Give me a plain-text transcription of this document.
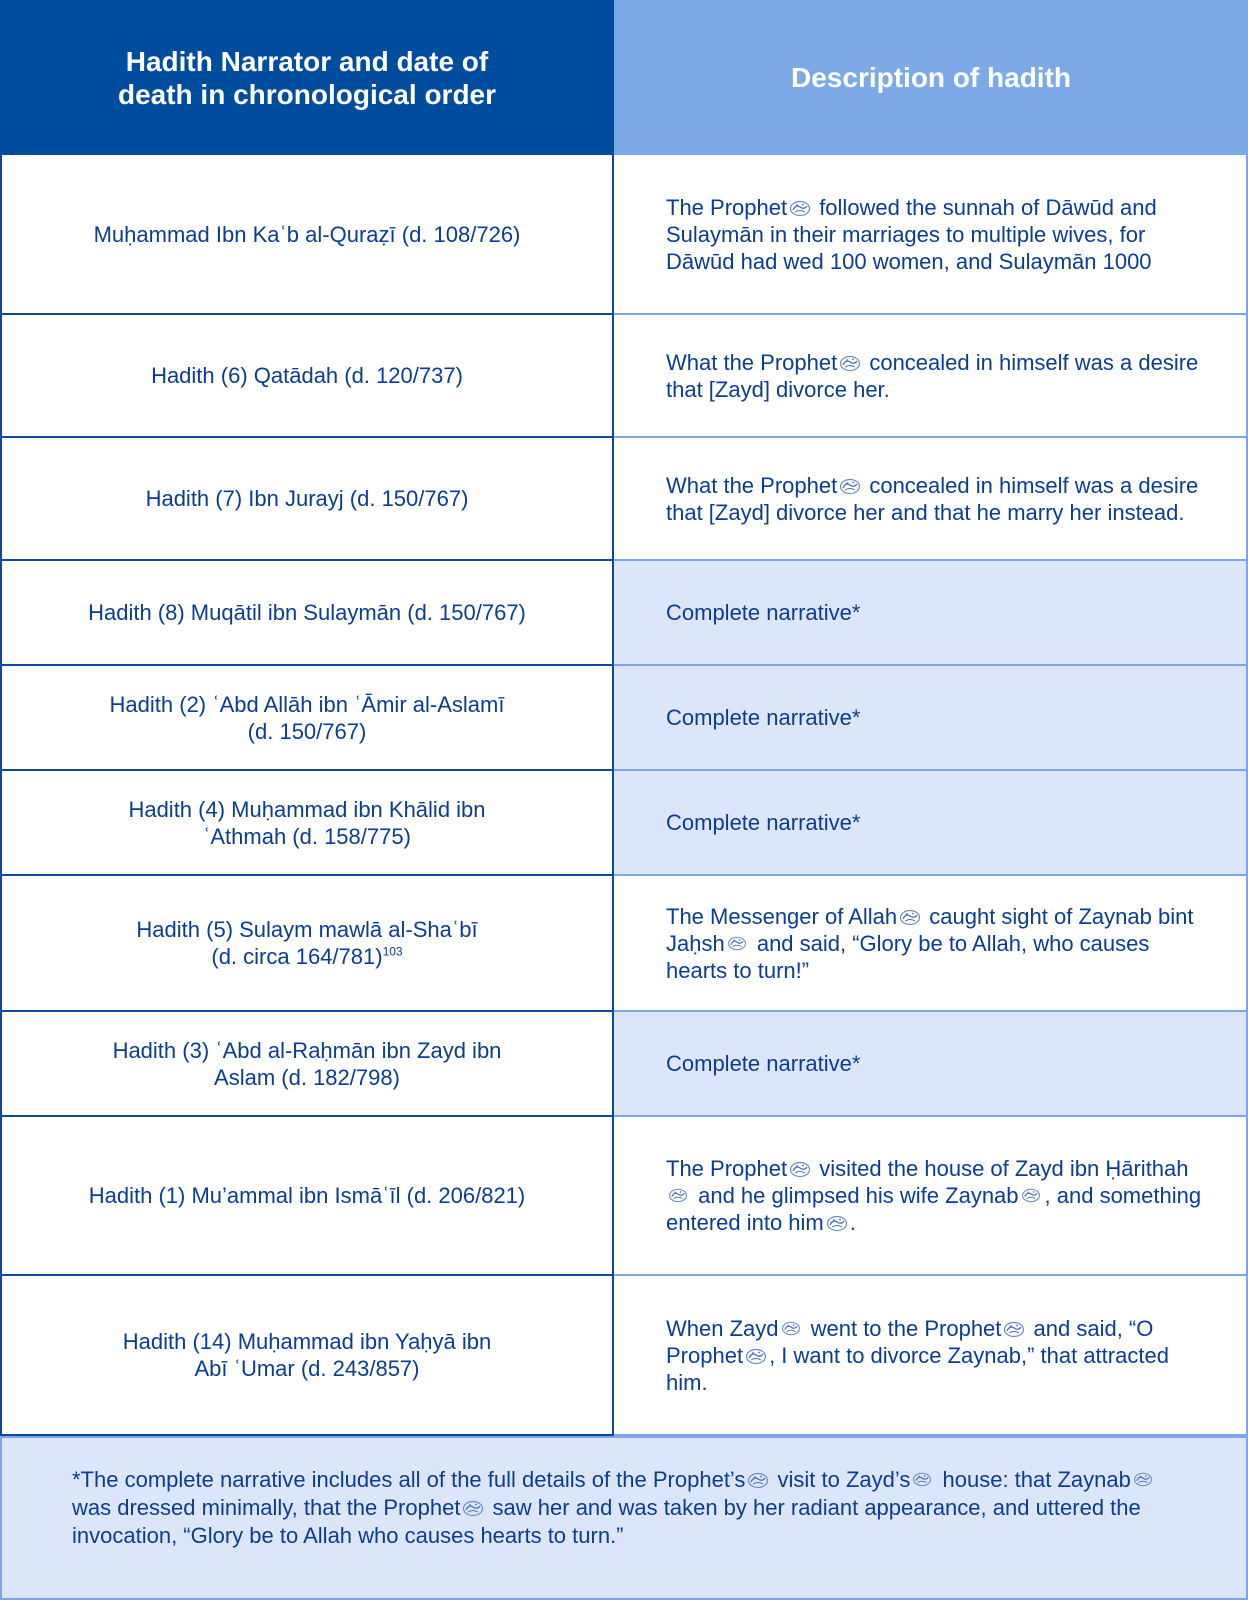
Hadith Narrator and date of
death in chronological order
Description of hadith
Muḥammad Ibn Kaʿb al-Quraẓī (d. 108/726)
The Prophet
followed the sunnah of Dāwūd and Sulaymān in their marriages to multiple wives, for Dāwūd had wed 100 women, and Sulaymān 1000
Hadith (6) Qatādah (d. 120/737)
What the Prophet
concealed in himself was a desire that [Zayd] divorce her.
Hadith (7) Ibn Jurayj (d. 150/767)
What the Prophet
concealed in himself was a desire that [Zayd] divorce her and that he marry her instead.
Hadith (8) Muqātil ibn Sulaymān (d. 150/767)	Complete narrative*
Hadith (2) ʿAbd Allāh ibn ʿĀmir al-Aslamī
(d. 150/767)
Complete narrative*
Hadith (4) Muḥammad ibn Khālid ibn
ʿAthmah (d. 158/775)
Complete narrative*
Hadith (5) Sulaym mawlā al-Shaʿbī
(d. circa 164/781)$^{103}$
The Messenger of Allah
caught sight of Zaynab bint Jaḥsh
and said, “Glory be to Allah, who causes hearts to turn!”
Hadith (3) ʿAbd al-Raḥmān ibn Zayd ibn
Aslam (d. 182/798)
Complete narrative*
Hadith (1) Mu’ammal ibn Ismāʿīl (d. 206/821)
The Prophet
visited the house of Zayd ibn Ḥārithah
and he glimpsed his wife Zaynab , and something entered into him .
Hadith (14) Muḥammad ibn Yaḥyā ibn
Abī ʿUmar (d. 243/857)
When Zayd
went to the Prophet
and said, “O Prophet , I want to divorce Zaynab,” that attracted him.
*The complete narrative includes all of the full details of the Prophet’s
visit to Zayd’s
house: that Zaynab
was dressed minimally, that the Prophet
saw her and was taken by her radiant appearance, and uttered the invocation, “Glory be to Allah who causes hearts to turn.”
